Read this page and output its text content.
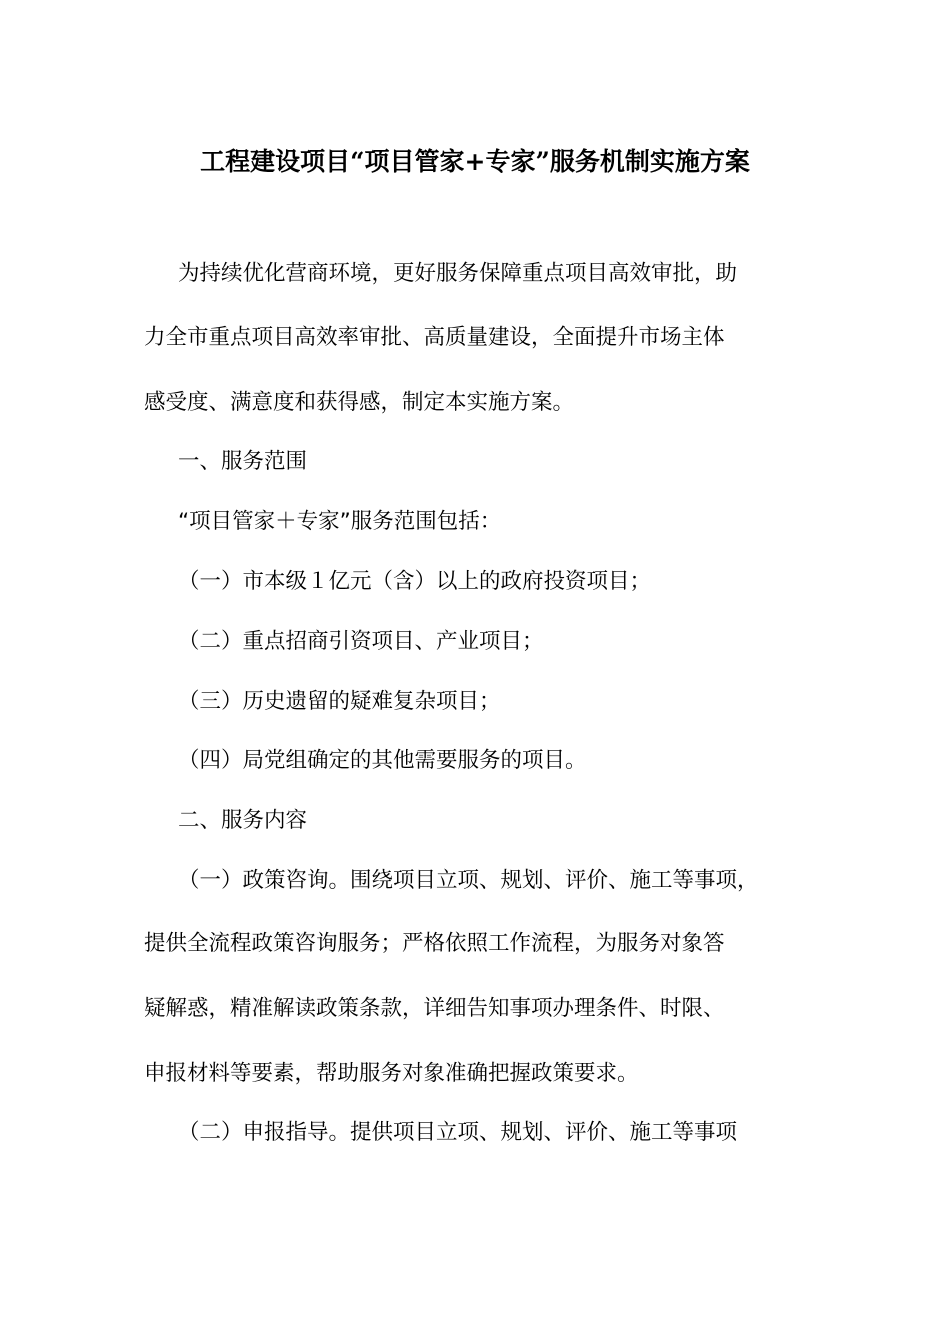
工程建设项目“项目管家+专家”服务机制实施方案
为持续优化营商环境，更好服务保障重点项目高效审批，助
力全市重点项目高效率审批、高质量建设，全面提升市场主体
感受度、满意度和获得感，制定本实施方案。
一、服务范围
“项目管家＋专家”服务范围包括：
（一）市本级１亿元（含）以上的政府投资项目；
（二）重点招商引资项目、产业项目；
（三）历史遗留的疑难复杂项目；
（四）局党组确定的其他需要服务的项目。
二、服务内容
（一）政策咨询。围绕项目立项、规划、评价、施工等事项，
提供全流程政策咨询服务；严格依照工作流程，为服务对象答
疑解惑，精准解读政策条款，详细告知事项办理条件、时限、
申报材料等要素，帮助服务对象准确把握政策要求。
（二）申报指导。提供项目立项、规划、评价、施工等事项
